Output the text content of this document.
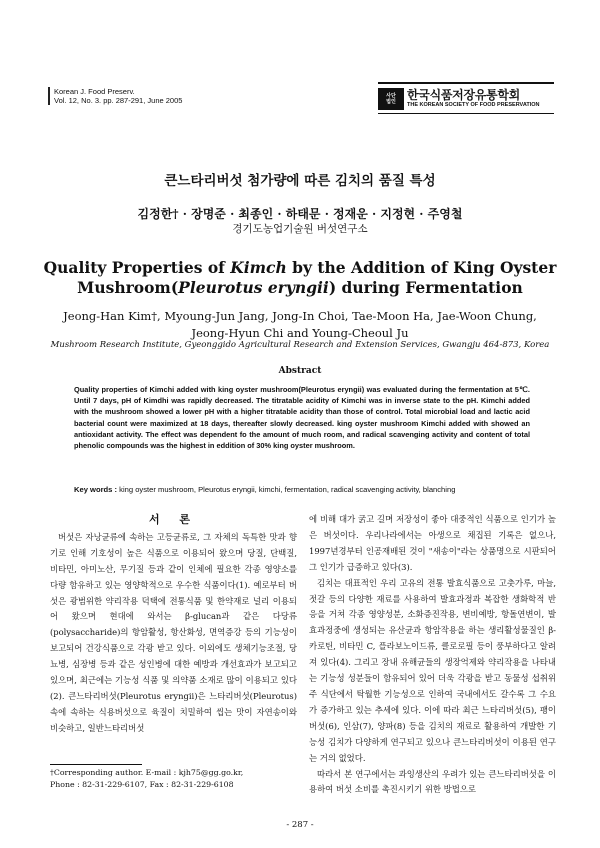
Korean J. Food Preserv.
Vol. 12, No. 3. pp. 287-291, June 2005	사단
법인 한국식품저장유통학회
THE KOREAN SOCIETY OF FOOD PRESERVATION
큰느타리버섯 첨가량에 따른 김치의 품질 특성
김정한† · 장명준 · 최종인 · 하태문 · 정재운 · 지정현 · 주영철
경기도농업기술원 버섯연구소
Quality Properties of Kimch by the Addition of King Oyster
Mushroom(Pleurotus eryngii) during Fermentation
Jeong-Han Kim†, Myoung-Jun Jang, Jong-In Choi, Tae-Moon Ha, Jae-Woon Chung,
Jeong-Hyun Chi and Young-Cheoul Ju
Mushroom Research Institute, Gyeonggido Agricultural Research and Extension Services, Gwangju 464-873, Korea
Abstract

Quality properties of Kimchi added with king oyster mushroom(Pleurotus eryngii) was evaluated during the fermentation at 5℃. Until 7 days, pH of Kimdhi was rapidly decreased. The titratable acidity of Kimchi was in inverse state to the pH. Kimchi added with the mushroom showed a lower pH with a higher titratable acidity than those of control. Total microbial load and lactic acid bacterial count were maximized at 18 days, thereafter slowly decreased. king oyster mushroom Kimchi added with showed an antioxidant activity. The effect was dependent fo the amount of much room, and radical scavenging activity and content of total phenolic compounds was the highest in eddition of 30% king oyster mushroom.

Key words : king oyster mushroom, Pleurotus eryngii, kimchi, fermentation, radical scavenging activity, blanching

서 론

버섯은 자낭균류에 속하는 고등균류로, 그 자체의 독특한 맛과 향기로 인해 기호성이 높은 식품으로 이용되어 왔으며 당질, 단백질, 비타민, 아미노산, 무기질 등과 같이 인체에 필요한 각종 영양소를 다량 함유하고 있는 영양학적으로 우수한 식품이다(1). 예로부터 버섯은 광범위한 약리작용 덕택에 전통식품 및 한약재로 널리 이용되어 왔으며 현대에 와서는 β-glucan과 같은 다당류(polysaccharide)의 항암활성, 항산화성, 면역증강 등의 기능성이 보고되어 건강식품으로 각광 받고 있다. 이외에도 생체기능조절, 당뇨병, 심장병 등과 같은 성인병에 대한 예방과 개선효과가 보고되고 있으며, 최근에는 기능성 식품 및 의약품 소재로 많이 이용되고 있다(2). 큰느타리버섯(Pleurotus eryngii)은 느타리버섯(Pleurotus)속에 속하는 식용버섯으로 육질이 치밀하여 씹는 맛이 자연송이와 비슷하고, 일반느타리버섯

에 비해 대가 굵고 길며 저장성이 좋아 대중적인 식품으로 인기가 높은 버섯이다. 우리나라에서는 아생으로 채집된 기록은 없으나, 1997년경부터 인공재배된 것이 "새송이"라는 상품명으로 시판되어 그 인기가 급증하고 있다(3).

김치는 대표적인 우리 고유의 전통 발효식품으로 고춧가루, 마늘, 젓갈 등의 다양한 재료를 사용하여 발효과정과 복잡한 생화학적 반응을 거쳐 각종 영양성분, 소화증진작용, 변비예방, 항돌연변이, 발효과정중에 생성되는 유산균과 항암작용을 하는 생리활성물질인 β-카로틴, 비타민 C, 플라보노이드류, 클로로필 등이 풍부하다고 알려져 있다(4). 그리고 장내 유해균들의 생장억제와 약리작용을 나타내는 기능성 성분들이 함유되어 있어 더욱 각광을 받고 동물성 섭취위주 식단에서 탁월한 기능성으로 인하여 국내에서도 갈수록 그 수요가 증가하고 있는 추세에 있다. 이에 따라 최근 느타리버섯(5), 팽이버섯(6), 인삼(7), 양파(8) 등을 김치의 재료로 활용하여 개발한 기능성 김치가 다양하게 연구되고 있으나 큰느타리버섯이 이용된 연구는 거의 없었다.

따라서 본 연구에서는 과잉생산의 우려가 있는 큰느타리버섯을 이용하여 버섯 소비를 촉진시키기 위한 방법으로

†Corresponding author. E-mail : kjh75@gg.go.kr,
Phone : 82-31-229-6107, Fax : 82-31-229-6108
- 287 -
